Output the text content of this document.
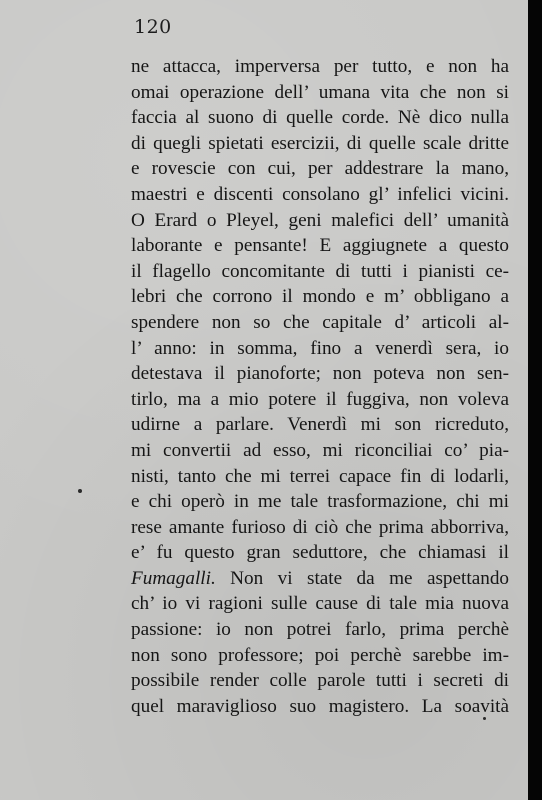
120
ne attacca, imperversa per tutto, e non ha
omai operazione dell’ umana vita che non si
faccia al suono di quelle corde. Nè dico nulla
di quegli spietati esercizii, di quelle scale dritte
e rovescie con cui, per addestrare la mano,
maestri e discenti consolano gl’ infelici vicini.
O Erard o Pleyel, geni malefici dell’ umanità
laborante e pensante! E aggiugnete a questo
il flagello concomitante di tutti i pianisti ce-
lebri che corrono il mondo e m’ obbligano a
spendere non so che capitale d’ articoli al-
l’ anno: in somma, fino a venerdì sera, io
detestava il pianoforte; non poteva non sen-
tirlo, ma a mio potere il fuggiva, non voleva
udirne a parlare. Venerdì mi son ricreduto,
mi convertii ad esso, mi riconciliai co’ pia-
nisti, tanto che mi terrei capace fin di lodarli,
e chi operò in me tale trasformazione, chi mi
rese amante furioso di ciò che prima abborriva,
e’ fu questo gran seduttore, che chiamasi il
Fumagalli. Non vi state da me aspettando
ch’ io vi ragioni sulle cause di tale mia nuova
passione: io non potrei farlo, prima perchè
non sono professore; poi perchè sarebbe im-
possibile render colle parole tutti i secreti di
quel maraviglioso suo magistero. La soavità
